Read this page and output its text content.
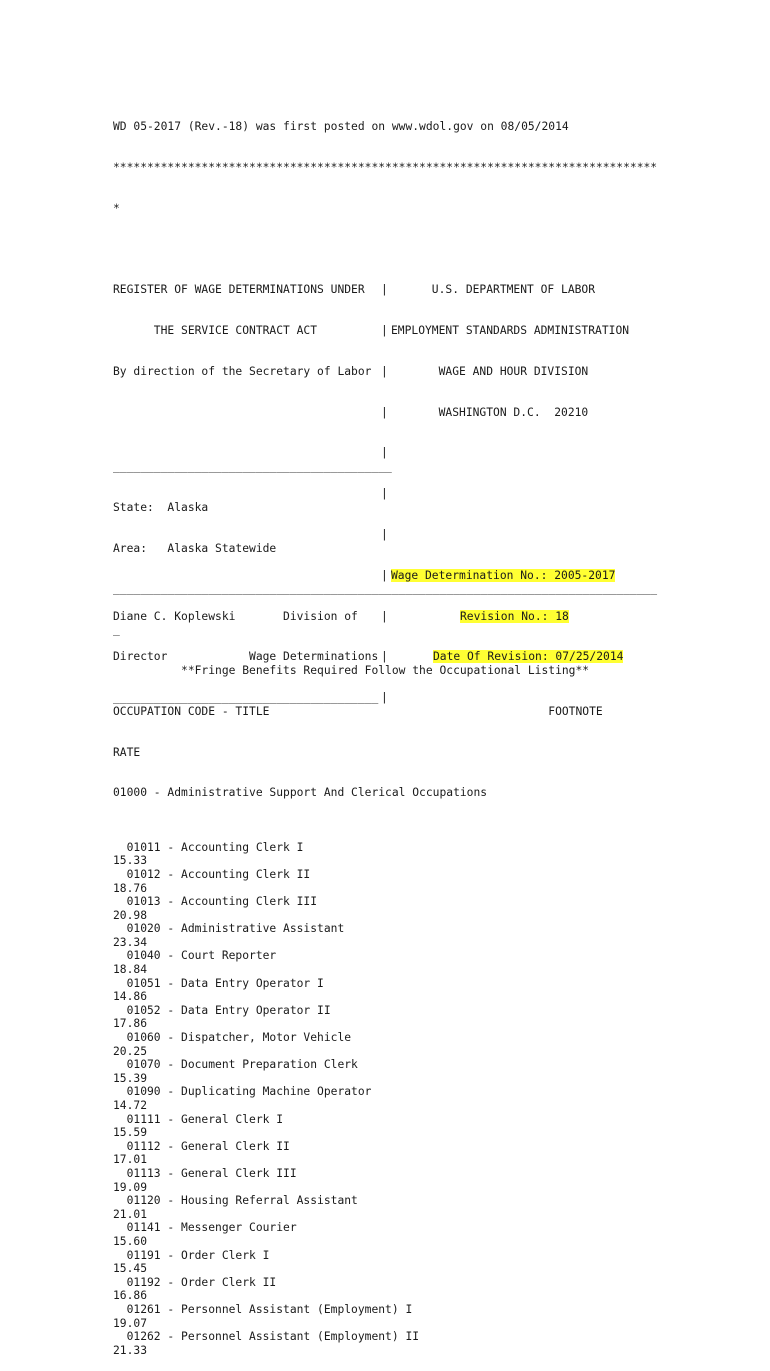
WD 05-2017 (Rev.-18) was first posted on www.wdol.gov on 08/05/2014

********************************************************************************

*

REGISTER OF WAGE DETERMINATIONS UNDER

THE SERVICE CONTRACT ACT

By direction of the Secretary of Labor

Diane C. Koplewski       Division of

Director            Wage Determinations

_______________________________________

|

|

|

|

|

|

|

|

|

|

|

U.S. DEPARTMENT OF LABOR

EMPLOYMENT STANDARDS ADMINISTRATION

WAGE AND HOUR DIVISION

WASHINGTON D.C.  20210

Wage Determination No.: 2005-2017

Revision No.: 18

Date Of Revision: 07/25/2014

_________________________________________

State:  Alaska

Area:   Alaska Statewide

________________________________________________________________________________

_

**Fringe Benefits Required Follow the Occupational Listing**

OCCUPATION CODE - TITLE                                         FOOTNOTE

RATE

01000 - Administrative Support And Clerical Occupations

01011 - Accounting Clerk I
15.33
01012 - Accounting Clerk II
18.76
01013 - Accounting Clerk III
20.98
01020 - Administrative Assistant
23.34
01040 - Court Reporter
18.84
01051 - Data Entry Operator I
14.86
01052 - Data Entry Operator II
17.86
01060 - Dispatcher, Motor Vehicle
20.25
01070 - Document Preparation Clerk
15.39
01090 - Duplicating Machine Operator
14.72
01111 - General Clerk I
15.59
01112 - General Clerk II
17.01
01113 - General Clerk III
19.09
01120 - Housing Referral Assistant
21.01
01141 - Messenger Courier
15.60
01191 - Order Clerk I
15.45
01192 - Order Clerk II
16.86
01261 - Personnel Assistant (Employment) I
19.07
01262 - Personnel Assistant (Employment) II
21.33
